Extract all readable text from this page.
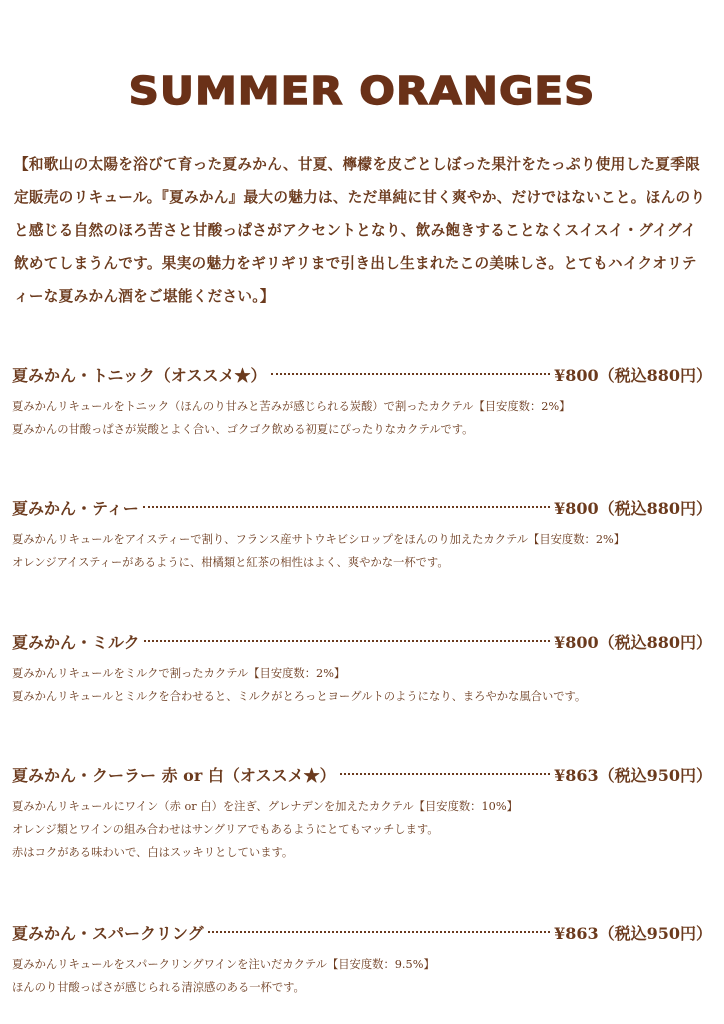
SUMMER ORANGES
【和歌山の太陽を浴びて育った夏みかん、甘夏、檸檬を皮ごとしぼった果汁をたっぷり使用した夏季限定販売のリキュール。『夏みかん』最大の魅力は、ただ単純に甘く爽やか、だけではないこと。ほんのりと感じる自然のほろ苦さと甘酸っぱさがアクセントとなり、飲み飽きすることなくスイスイ・グイグイ飲めてしまうんです。果実の魅力をギリギリまで引き出し生まれたこの美味しさ。とてもハイクオリティーな夏みかん酒をご堪能ください。】
夏みかん・トニック（オススメ★）	¥800（税込880円）
夏みかんリキュールをトニック（ほんのり甘みと苦みが感じられる炭酸）で割ったカクテル【目安度数：2%】
夏みかんの甘酸っぱさが炭酸とよく合い、ゴクゴク飲める初夏にぴったりなカクテルです。
夏みかん・ティー	¥800（税込880円）
夏みかんリキュールをアイスティーで割り、フランス産サトウキビシロップをほんのり加えたカクテル【目安度数：2%】
オレンジアイスティーがあるように、柑橘類と紅茶の相性はよく、爽やかな一杯です。
夏みかん・ミルク	¥800（税込880円）
夏みかんリキュールをミルクで割ったカクテル【目安度数：2%】
夏みかんリキュールとミルクを合わせると、ミルクがとろっとヨーグルトのようになり、まろやかな風合いです。
夏みかん・クーラー 赤 or 白（オススメ★）	¥863（税込950円）
夏みかんリキュールにワイン（赤 or 白）を注ぎ、グレナデンを加えたカクテル【目安度数：10%】
オレンジ類とワインの組み合わせはサングリアでもあるようにとてもマッチします。
赤はコクがある味わいで、白はスッキリとしています。
夏みかん・スパークリング	¥863（税込950円）
夏みかんリキュールをスパークリングワインを注いだカクテル【目安度数：9.5%】
ほんのり甘酸っぱさが感じられる清涼感のある一杯です。
